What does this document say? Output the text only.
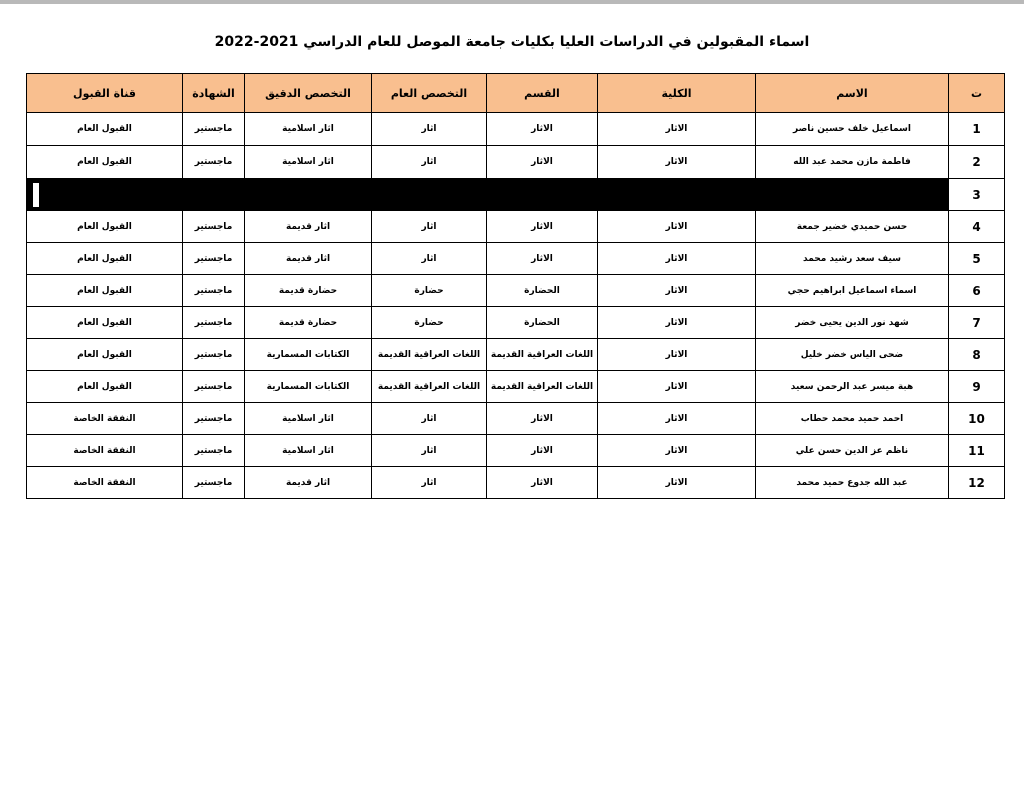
اسماء المقبولين في الدراسات العليا بكليات جامعة الموصل للعام الدراسي 2021-2022
ت	الاسم	الكلية	القسم	التخصص العام	التخصص الدقيق	الشهادة	قناة القبول
1	اسماعيل خلف حسين ناصر	الاثار	الاثار	اثار	اثار اسلامية	ماجستير	القبول العام
2	فاطمة مازن محمد عبد الله	الاثار	الاثار	اثار	اثار اسلامية	ماجستير	القبول العام
3							

4	حسن حميدي خضير جمعة	الاثار	الاثار	اثار	اثار قديمة	ماجستير	القبول العام
5	سيف سعد رشيد محمد	الاثار	الاثار	اثار	اثار قديمة	ماجستير	القبول العام
6	اسماء اسماعيل ابراهيم حجي	الاثار	الحضارة	حضارة	حضارة قديمة	ماجستير	القبول العام
7	شهد نور الدين يحيى خضر	الاثار	الحضارة	حضارة	حضارة قديمة	ماجستير	القبول العام
8	ضحى الياس خضر خليل	الاثار	اللغات العراقية القديمة	اللغات العراقية القديمة	الكتابات المسمارية	ماجستير	القبول العام
9	هبة ميسر عبد الرحمن سعيد	الاثار	اللغات العراقية القديمة	اللغات العراقية القديمة	الكتابات المسمارية	ماجستير	القبول العام
10	احمد حميد محمد حطاب	الاثار	الاثار	اثار	اثار اسلامية	ماجستير	النفقة الخاصة
11	ناظم عز الدين حسن علي	الاثار	الاثار	اثار	اثار اسلامية	ماجستير	النفقة الخاصة
12	عبد الله جدوع حميد محمد	الاثار	الاثار	اثار	اثار قديمة	ماجستير	النفقة الخاصة
